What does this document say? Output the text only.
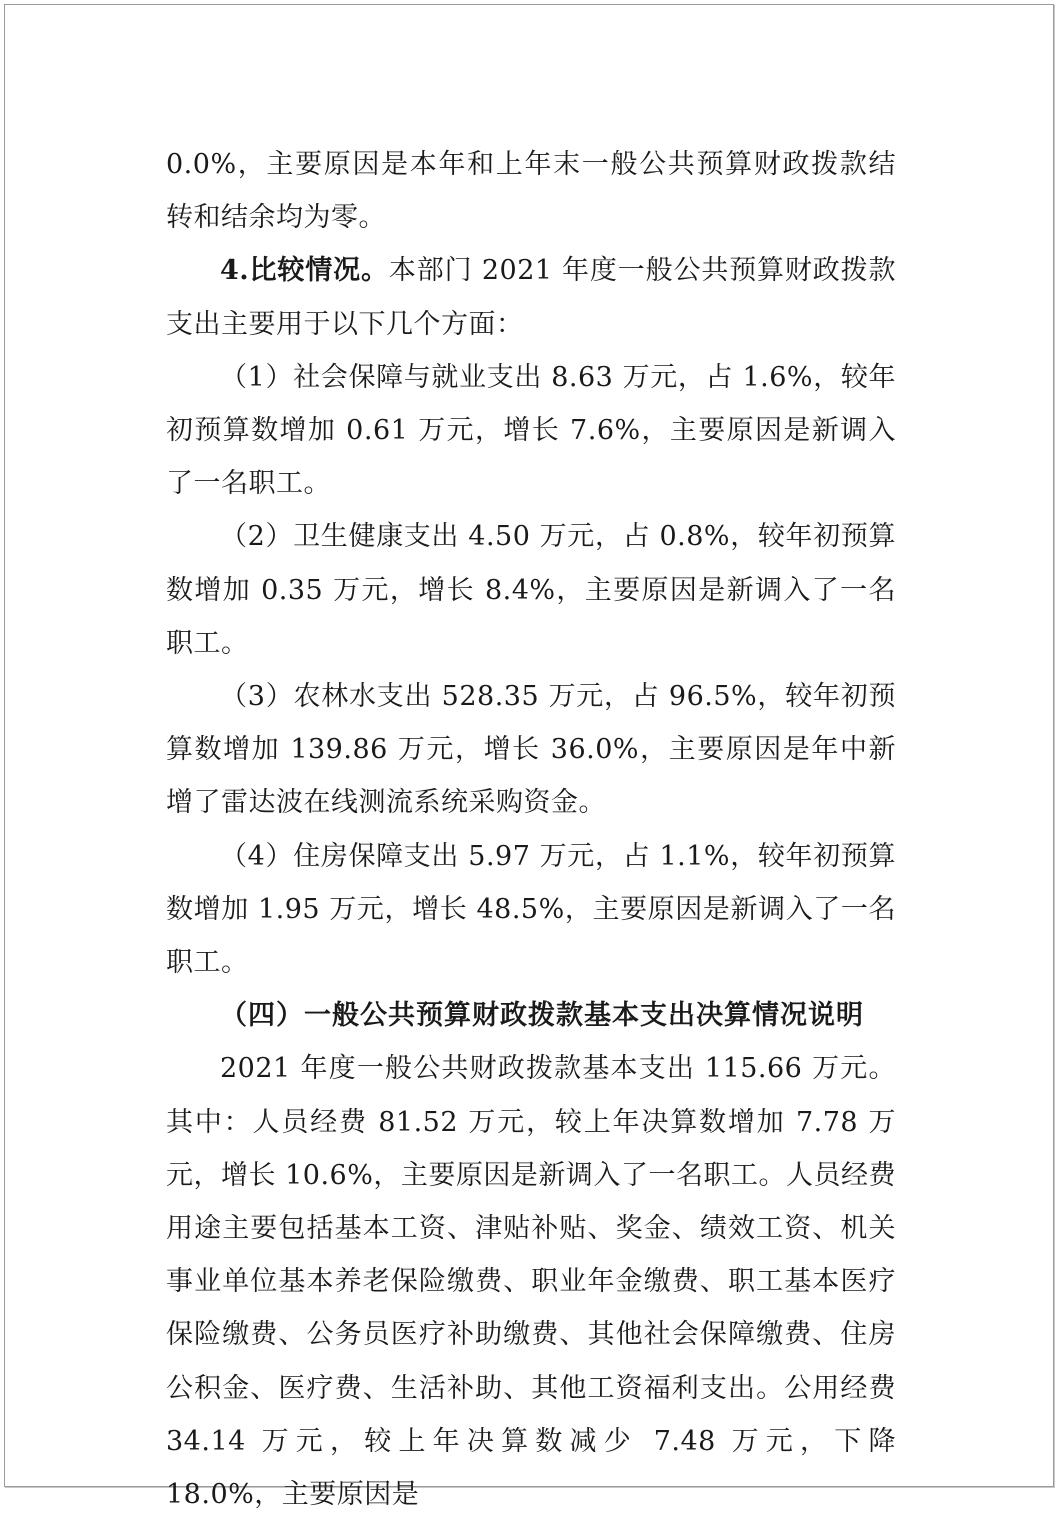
0.0%，主要原因是本年和上年末一般公共预算财政拨款结转和结余均为零。

4.比较情况。本部门 2021 年度一般公共预算财政拨款支出主要用于以下几个方面：

（1）社会保障与就业支出 8.63 万元，占 1.6%，较年初预算数增加 0.61 万元，增长 7.6%，主要原因是新调入了一名职工。

（2）卫生健康支出 4.50 万元，占 0.8%，较年初预算数增加 0.35 万元，增长 8.4%，主要原因是新调入了一名职工。

（3）农林水支出 528.35 万元，占 96.5%，较年初预算数增加 139.86 万元，增长 36.0%，主要原因是年中新增了雷达波在线测流系统采购资金。

（4）住房保障支出 5.97 万元，占 1.1%，较年初预算数增加 1.95 万元，增长 48.5%，主要原因是新调入了一名职工。

（四）一般公共预算财政拨款基本支出决算情况说明

2021 年度一般公共财政拨款基本支出 115.66 万元。其中：人员经费 81.52 万元，较上年决算数增加 7.78 万元，增长 10.6%，主要原因是新调入了一名职工。人员经费用途主要包括基本工资、津贴补贴、奖金、绩效工资、机关事业单位基本养老保险缴费、职业年金缴费、职工基本医疗保险缴费、公务员医疗补助缴费、其他社会保障缴费、住房公积金、医疗费、生活补助、其他工资福利支出。公用经费 34.14 万元，较上年决算数减少 7.48 万元，下降 18.0%，主要原因是
